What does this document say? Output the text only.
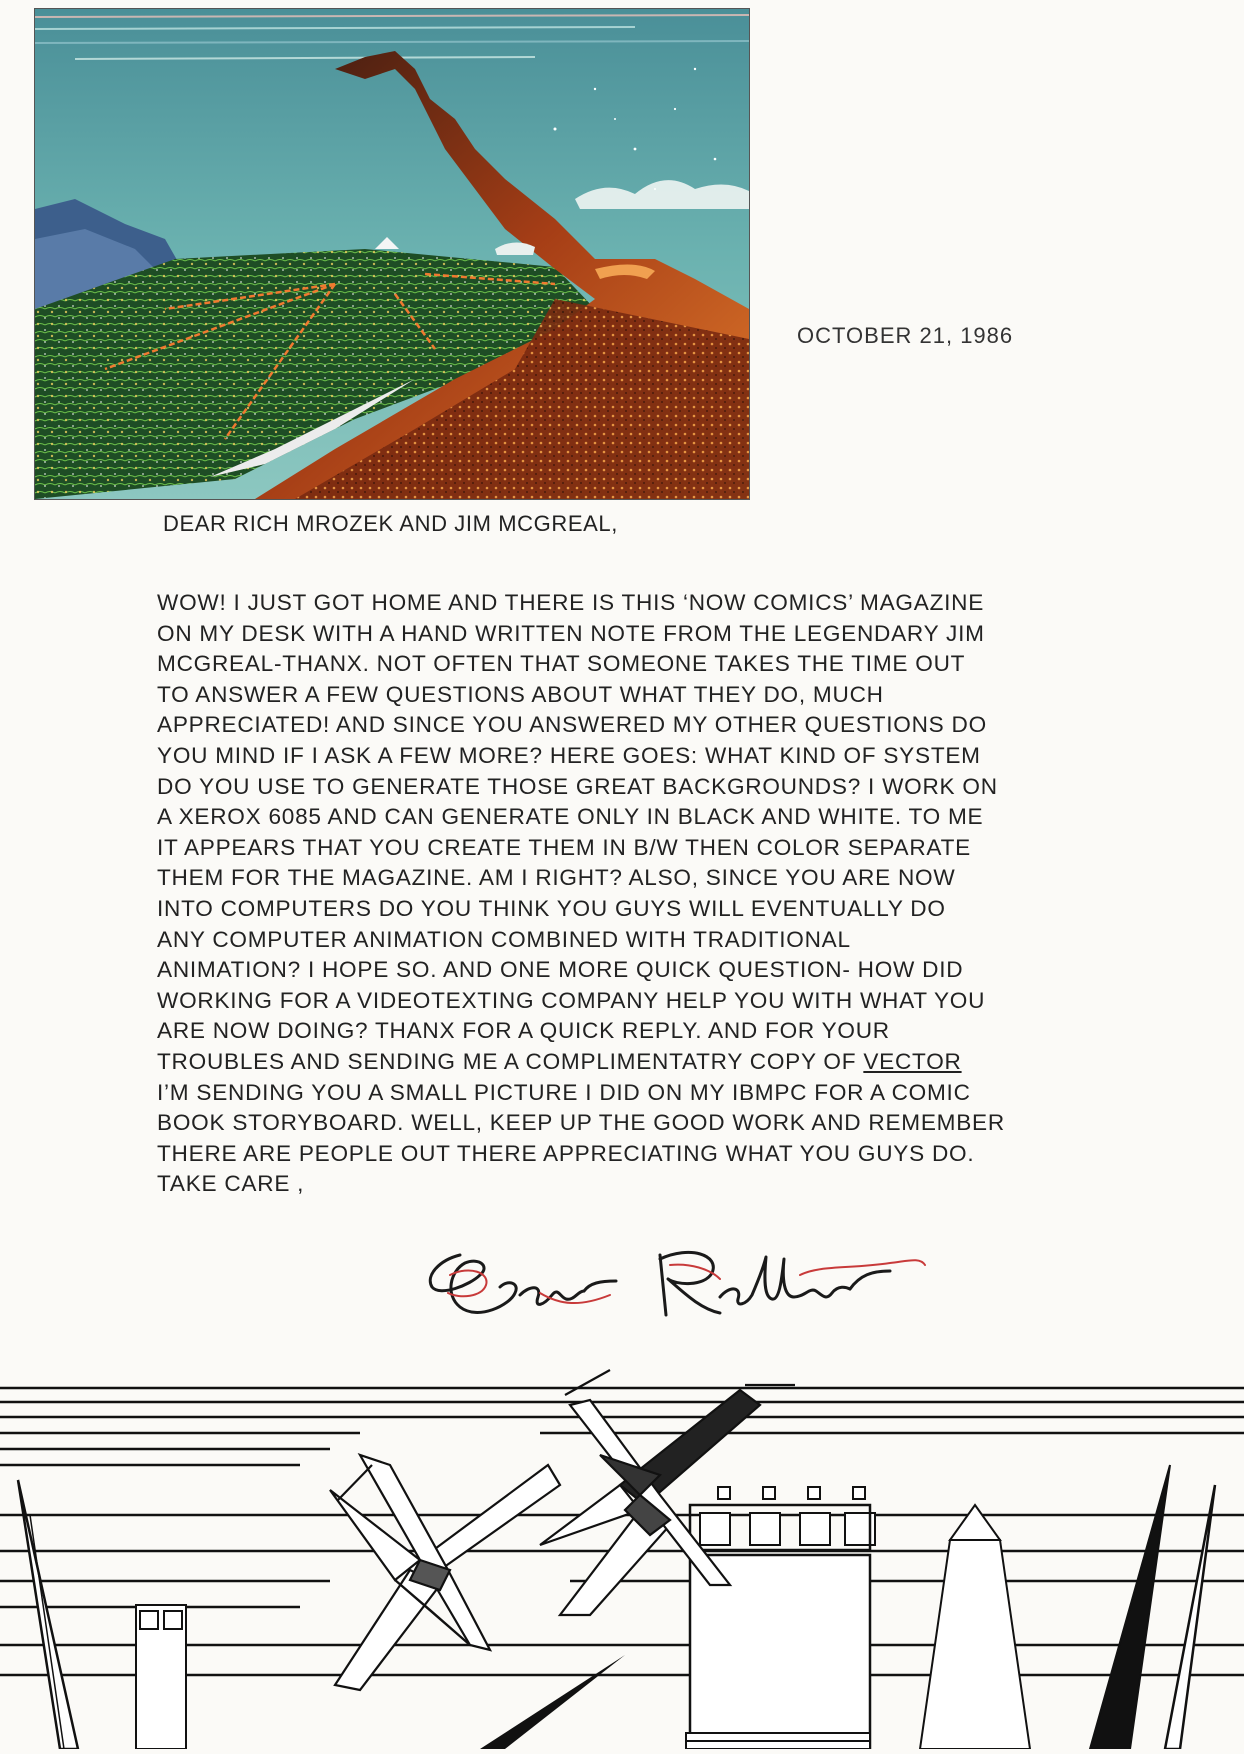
OCTOBER 21, 1986
DEAR RICH MROZEK AND JIM MCGREAL,
WOW! I JUST GOT HOME AND THERE IS THIS ‘NOW COMICS’ MAGAZINE
ON MY DESK WITH A HAND WRITTEN NOTE FROM THE LEGENDARY JIM
MCGREAL-THANX. NOT OFTEN THAT SOMEONE TAKES THE TIME OUT
TO ANSWER A FEW QUESTIONS ABOUT WHAT THEY DO, MUCH
APPRECIATED! AND SINCE YOU ANSWERED MY OTHER QUESTIONS DO
YOU MIND IF I ASK A FEW MORE? HERE GOES: WHAT KIND OF SYSTEM
DO YOU USE TO GENERATE THOSE GREAT BACKGROUNDS? I WORK ON
A XEROX 6085 AND CAN GENERATE ONLY IN BLACK AND WHITE. TO ME
IT APPEARS THAT YOU CREATE THEM IN B/W THEN COLOR SEPARATE
THEM FOR THE MAGAZINE. AM I RIGHT? ALSO, SINCE YOU ARE NOW
INTO COMPUTERS DO YOU THINK YOU GUYS WILL EVENTUALLY DO
ANY COMPUTER ANIMATION COMBINED WITH TRADITIONAL
ANIMATION? I HOPE SO. AND ONE MORE QUICK QUESTION- HOW DID
WORKING FOR A VIDEOTEXTING COMPANY HELP YOU WITH WHAT YOU
ARE NOW DOING? THANX FOR A QUICK REPLY. AND FOR YOUR
TROUBLES AND SENDING ME A COMPLIMENTATRY COPY OF VECTOR
I’M SENDING YOU A SMALL PICTURE I DID ON MY IBMPC FOR A COMIC
BOOK STORYBOARD. WELL, KEEP UP THE GOOD WORK AND REMEMBER
THERE ARE PEOPLE OUT THERE APPRECIATING WHAT YOU GUYS DO.
TAKE CARE ,
